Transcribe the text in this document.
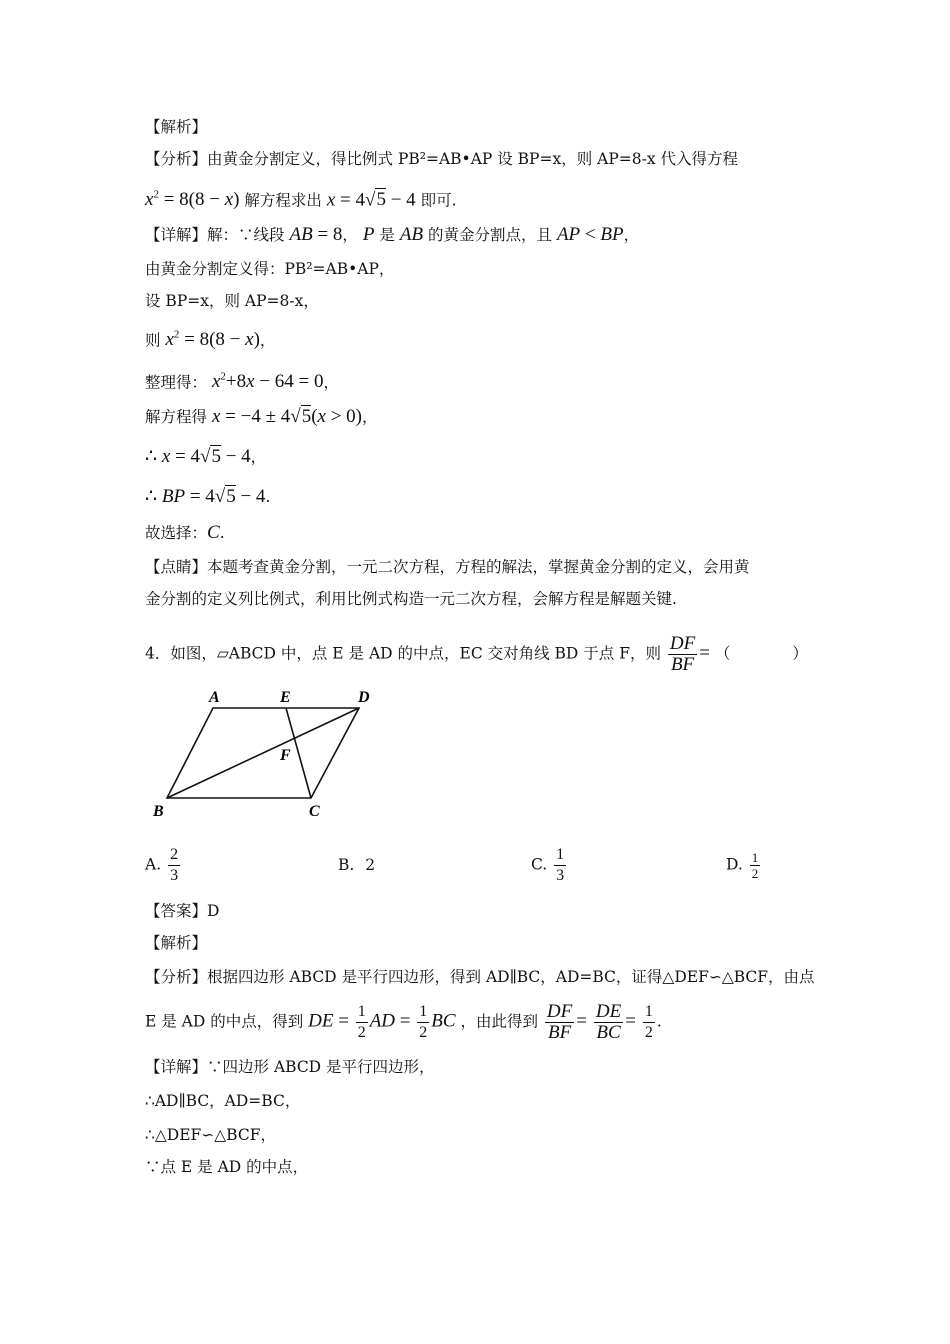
【解析】
【分析】由黄金分割定义，得比例式 PB²=AB•AP 设 BP=x，则 AP=8-x 代入得方程
$x^2 = 8(8 - x)$ 解方程求出 x = 4√5 − 4 即可.
【详解】解：∵线段 AB = 8， P 是 AB 的黄金分割点，且 AP < BP，
由黄金分割定义得：PB²=AB•AP，
设 BP=x，则 AP=8-x，
则 $x^2 = 8(8 - x)$，
整理得： $x^2+8x - 64 = 0$，
解方程得 x = −4 ± 4√5(x > 0)，
∴ x = 4√5 − 4，
∴ BP = 4√5 − 4.
故选择：C.
【点睛】本题考查黄金分割，一元二次方程，方程的解法，掌握黄金分割的定义，会用黄
金分割的定义列比例式，利用比例式构造一元二次方程，会解方程是解题关键.
4．如图，▱ABCD 中，点 E 是 AD 的中点，EC 交对角线 BD 于点 F，则 $\frac{DF}{BF}$ = （　　　　）
A	E	D
F
B	C
A. $\frac{2}{3}$	B. 2	C. $\frac{1}{3}$	D. $\frac{1}{2}$
【答案】D
【解析】
【分析】根据四边形 ABCD 是平行四边形，得到 AD∥BC，AD=BC，证得△DEF∽△BCF，由点
E 是 AD 的中点，得到 DE = $\frac{1}{2}$ AD = $\frac{1}{2}$ BC ，由此得到 $\frac{DF}{BF} = \frac{DE}{BC} = \frac{1}{2}$ .
【详解】∵四边形 ABCD 是平行四边形，
∴AD∥BC，AD=BC，
∴△DEF∽△BCF，
∵点 E 是 AD 的中点，
